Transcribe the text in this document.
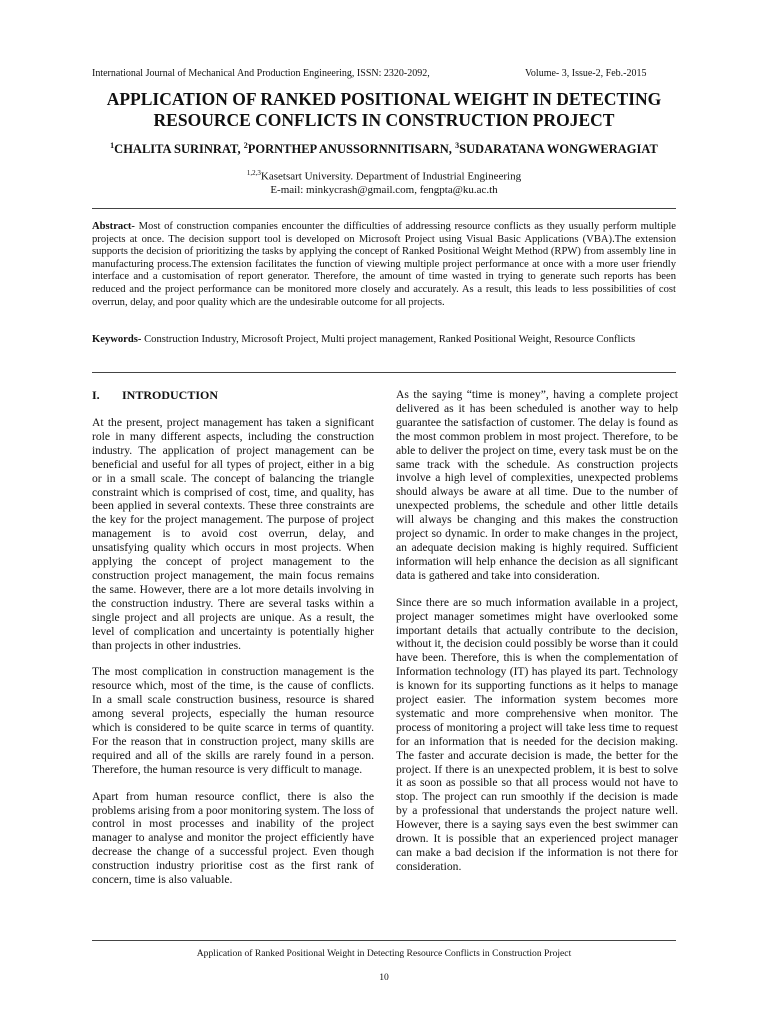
International Journal of Mechanical And Production Engineering, ISSN: 2320-2092,	Volume- 3, Issue-2, Feb.-2015
APPLICATION OF RANKED POSITIONAL WEIGHT IN DETECTING
RESOURCE CONFLICTS IN CONSTRUCTION PROJECT
$^1$CHALITA SURINRAT, $^2$PORNTHEP ANUSSORNNITISARN, $^3$SUDARATANA WONGWERAGIAT
$^{1,2,3}$Kasetsart University. Department of Industrial Engineering
E-mail: minkycrash@gmail.com, fengpta@ku.ac.th
Abstract- Most of construction companies encounter the difficulties of addressing resource conflicts as they usually perform multiple projects at once. The decision support tool is developed on Microsoft Project using Visual Basic Applications (VBA).The extension supports the decision of prioritizing the tasks by applying the concept of Ranked Positional Weight Method (RPW) from assembly line in manufacturing process.The extension facilitates the function of viewing multiple project performance at once with a more user friendly interface and a customisation of report generator. Therefore, the amount of time wasted in trying to generate such reports has been reduced and the project performance can be monitored more closely and accurately. As a result, this leads to less possibilities of cost overrun, delay, and poor quality which are the undesirable outcome for all projects.
Keywords- Construction Industry, Microsoft Project, Multi project management, Ranked Positional Weight, Resource Conflicts
I. INTRODUCTION

At the present, project management has taken a significant role in many different aspects, including the construction industry. The application of project management can be beneficial and useful for all types of project, either in a big or in a small scale. The concept of balancing the triangle constraint which is comprised of cost, time, and quality, has been applied in several contexts. These three constraints are the key for the project management. The purpose of project management is to avoid cost overrun, delay, and unsatisfying quality which occurs in most projects. When applying the concept of project management to the construction project management, the main focus remains the same. However, there are a lot more details involving in the construction industry. There are several tasks within a single project and all projects are unique. As a result, the level of complication and uncertainty is potentially higher than projects in other industries.

The most complication in construction management is the resource which, most of the time, is the cause of conflicts. In a small scale construction business, resource is shared among several projects, especially the human resource which is considered to be quite scarce in terms of quantity. For the reason that in construction project, many skills are required and all of the skills are rarely found in a person. Therefore, the human resource is very difficult to manage.

Apart from human resource conflict, there is also the problems arising from a poor monitoring system. The loss of control in most processes and inability of the project manager to analyse and monitor the project efficiently have decrease the change of a successful project. Even though construction industry prioritise cost as the first rank of concern, time is also valuable.

As the saying “time is money”, having a complete project delivered as it has been scheduled is another way to help guarantee the satisfaction of customer. The delay is found as the most common problem in most project. Therefore, to be able to deliver the project on time, every task must be on the same track with the schedule. As construction projects involve a high level of complexities, unexpected problems should always be aware at all time. Due to the number of unexpected problems, the schedule and other little details will always be changing and this makes the construction project so dynamic. In order to make changes in the project, an adequate decision making is highly required. Sufficient information will help enhance the decision as all significant data is gathered and take into consideration.

Since there are so much information available in a project, project manager sometimes might have overlooked some important details that actually contribute to the decision, without it, the decision could possibly be worse than it could have been. Therefore, this is when the complementation of Information technology (IT) has played its part. Technology is known for its supporting functions as it helps to manage project easier. The information system becomes more systematic and more comprehensive when monitor. The process of monitoring a project will take less time to request for an information that is needed for the decision making. The faster and accurate decision is made, the better for the project. If there is an unexpected problem, it is best to solve it as soon as possible so that all process would not have to stop. The project can run smoothly if the decision is made by a professional that understands the project nature well. However, there is a saying says even the best swimmer can drown. It is possible that an experienced project manager can make a bad decision if the information is not there for consideration.

Application of Ranked Positional Weight in Detecting Resource Conflicts in Construction Project
10
